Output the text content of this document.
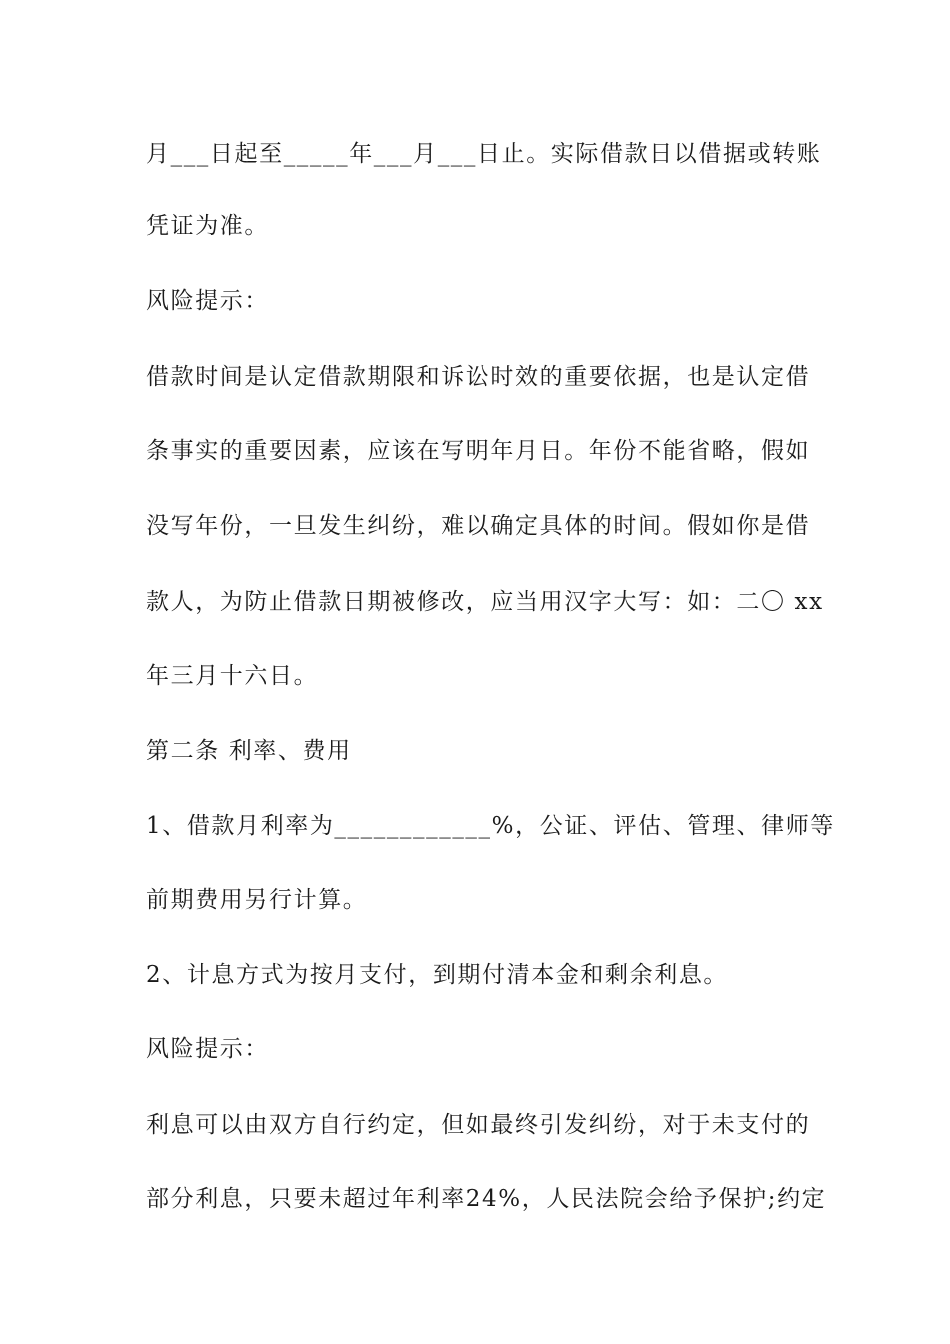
月___日起至_____年___月___日止。实际借款日以借据或转账
凭证为准。
风险提示：
借款时间是认定借款期限和诉讼时效的重要依据，也是认定借
条事实的重要因素，应该在写明年月日。年份不能省略，假如
没写年份，一旦发生纠纷，难以确定具体的时间。假如你是借
款人，为防止借款日期被修改，应当用汉字大写：如：二〇 xx
年三月十六日。
第二条 利率、费用
1、借款月利率为____________%，公证、评估、管理、律师等
前期费用另行计算。
2、计息方式为按月支付，到期付清本金和剩余利息。
风险提示：
利息可以由双方自行约定，但如最终引发纠纷，对于未支付的
部分利息，只要未超过年利率24%，人民法院会给予保护;约定
